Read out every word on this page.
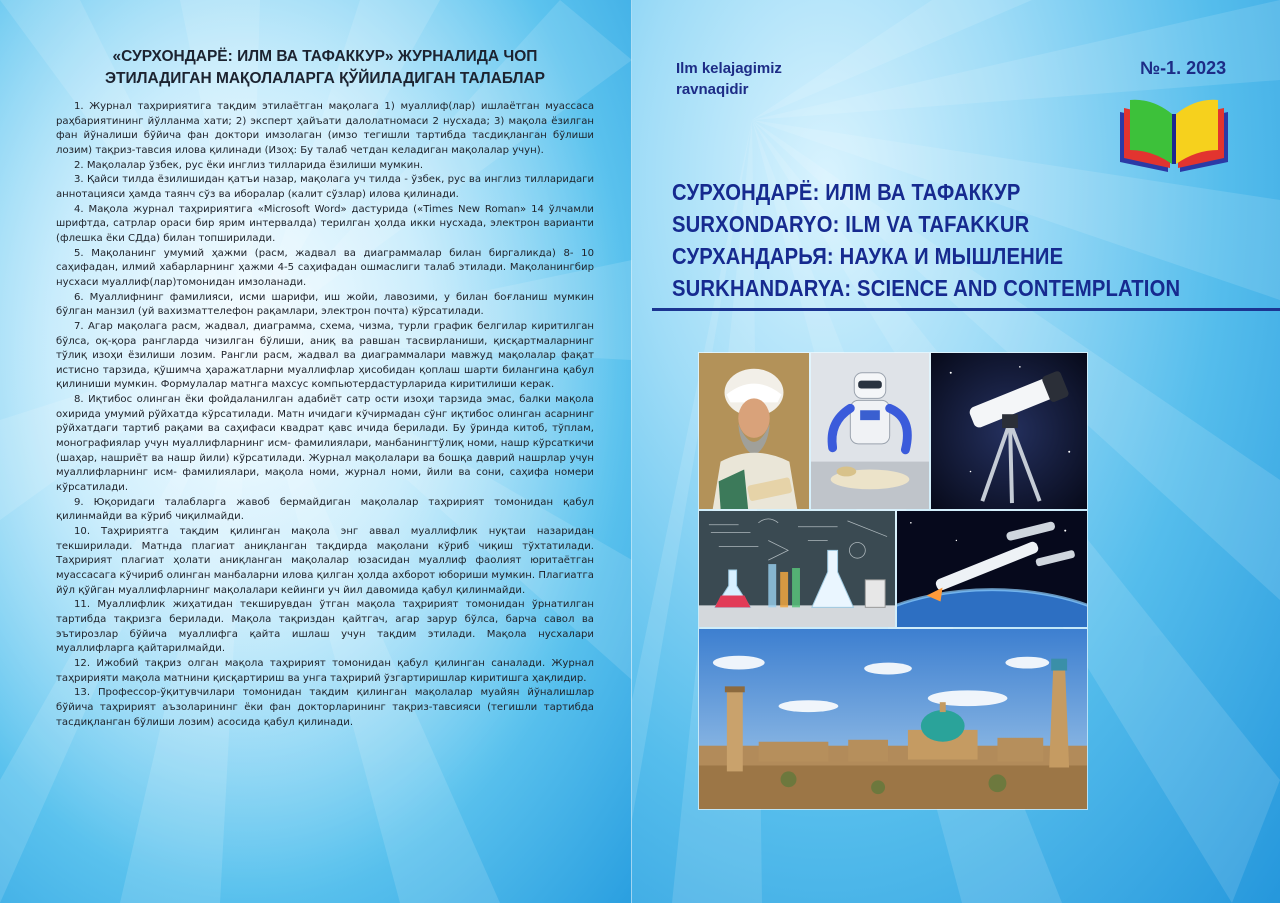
«СУРХОНДАРЁ: ИЛМ ВА ТАФАККУР» ЖУРНАЛИДА ЧОП
ЭТИЛАДИГАН МАҚОЛАЛАРГА ҚЎЙИЛАДИГАН ТАЛАБЛАР

1. Журнал таҳририятига тақдим этилаётган мақолага 1) муаллиф(лар) ишлаётган муассаса раҳбариятининг йўлланма хати; 2) эксперт ҳайъати далолатномаси 2 нусхада; 3) мақола ёзилган фан йўналиши бўйича фан доктори имзолаган (имзо тегишли тартибда тасдиқланган бўлиши лозим) тақриз-тавсия илова қилинади (Изоҳ: Бу талаб четдан келадиган мақолалар учун).

2. Мақолалар ўзбек, рус ёки инглиз тилларида ёзилиши мумкин.

3. Қайси тилда ёзилишидан қатъи назар, мақолага уч тилда - ўзбек, рус ва инглиз тилларидаги аннотацияси ҳамда таянч сўз ва иборалар (калит сўзлар) илова қилинади.

4. Мақола журнал таҳририятига «Microsoft Word» дастурида («Times New Roman» 14 ўлчамли шрифтда, сатрлар ораси бир ярим интервалда) терилган ҳолда икки нусхада, электрон варианти (флешка ёки СДда) билан топширилади.

5. Мақоланинг умумий ҳажми (расм, жадвал ва диаграммалар билан биргаликда) 8- 10 саҳифадан, илмий хабарларнинг ҳажми 4-5 саҳифадан ошмаслиги талаб этилади. Мақоланингбир нусхаси муаллиф(лар)томонидан имзоланади.

6. Муаллифнинг фамилияси, исми шарифи, иш жойи, лавозими, у билан боғланиш мумкин бўлган манзил (уй вахизматтелефон рақамлари, электрон почта) кўрсатилади.

7. Агар мақолага расм, жадвал, диаграмма, схема, чизма, турли график белгилар киритилган бўлса, оқ-қора рангларда чизилган бўлиши, аниқ ва равшан тасвирланиши, қисқартмаларнинг тўлиқ изоҳи ёзилиши лозим. Рангли расм, жадвал ва диаграммалари мавжуд мақолалар фақат истисно тарзида, қўшимча ҳаражатларни муаллифлар ҳисобидан қоплаш шарти билангина қабул қилиниши мумкин. Формулалар матнга махсус компьютердастурларида киритилиши керак.

8. Иқтибос олинган ёки фойдаланилган адабиёт сатр ости изоҳи тарзида эмас, балки мақола охирида умумий рўйхатда кўрсатилади. Матн ичидаги кўчирмадан сўнг иқтибос олинган асарнинг рўйхатдаги тартиб рақами ва саҳифаси квадрат қавс ичида берилади. Бу ўринда китоб, тўплам, монографиялар учун муаллифларнинг исм- фамилиялари, манбанингтўлиқ номи, нашр кўрсаткичи (шаҳар, нашриёт ва нашр йили) кўрсатилади. Журнал мақолалари ва бошқа даврий нашрлар учун муаллифларнинг исм- фамилиялари, мақола номи, журнал номи, йили ва сони, саҳифа номери кўрсатилади.

9. Юқоридаги талабларга жавоб бермайдиган мақолалар таҳририят томонидан қабул қилинмайди ва кўриб чиқилмайди.

10. Таҳририятга тақдим қилинган мақола энг аввал муаллифлик нуқтаи назаридан текширилади. Матнда плагиат аниқланган тақдирда мақолани кўриб чиқиш тўхтатилади. Таҳририят плагиат ҳолати аниқланган мақолалар юзасидан муаллиф фаолият юритаётган муассасага кўчириб олинган манбаларни илова қилган ҳолда ахборот юбориши мумкин. Плагиатга йўл қўйган муаллифларнинг мақолалари кейинги уч йил давомида қабул қилинмайди.

11. Муаллифлик жиҳатидан текширувдан ўтган мақола таҳририят томонидан ўрнатилган тартибда тақризга берилади. Мақола тақриздан қайтгач, агар зарур бўлса, барча савол ва эътирозлар бўйича муаллифга қайта ишлаш учун тақдим этилади. Мақола нусхалари муаллифларга қайтарилмайди.

12. Ижобий тақриз олган мақола таҳририят томонидан қабул қилинган саналади. Журнал таҳририяти мақола матнини қисқартириш ва унга таҳририй ўзгартиришлар киритишга ҳақлидир.

13. Профессор-ўқитувчилари томонидан тақдим қилинган мақолалар муайян йўналишлар бўйича таҳририят аъзоларининг ёки фан докторларининг тақриз-тавсияси (тегишли тартибда тасдиқланган бўлиши лозим) асосида қабул қилинади.

Ilm kelajagimiz
ravnaqidir
№-1. 2023
СУРХОНДАРЁ: ИЛМ ВА ТАФАККУР
SURXONDARYO: ILM VA TAFAKKUR
СУРХАНДАРЬЯ: НАУКА И МЫШЛЕНИЕ
SURKHANDARYA: SCIENCE AND CONTEMPLATION
